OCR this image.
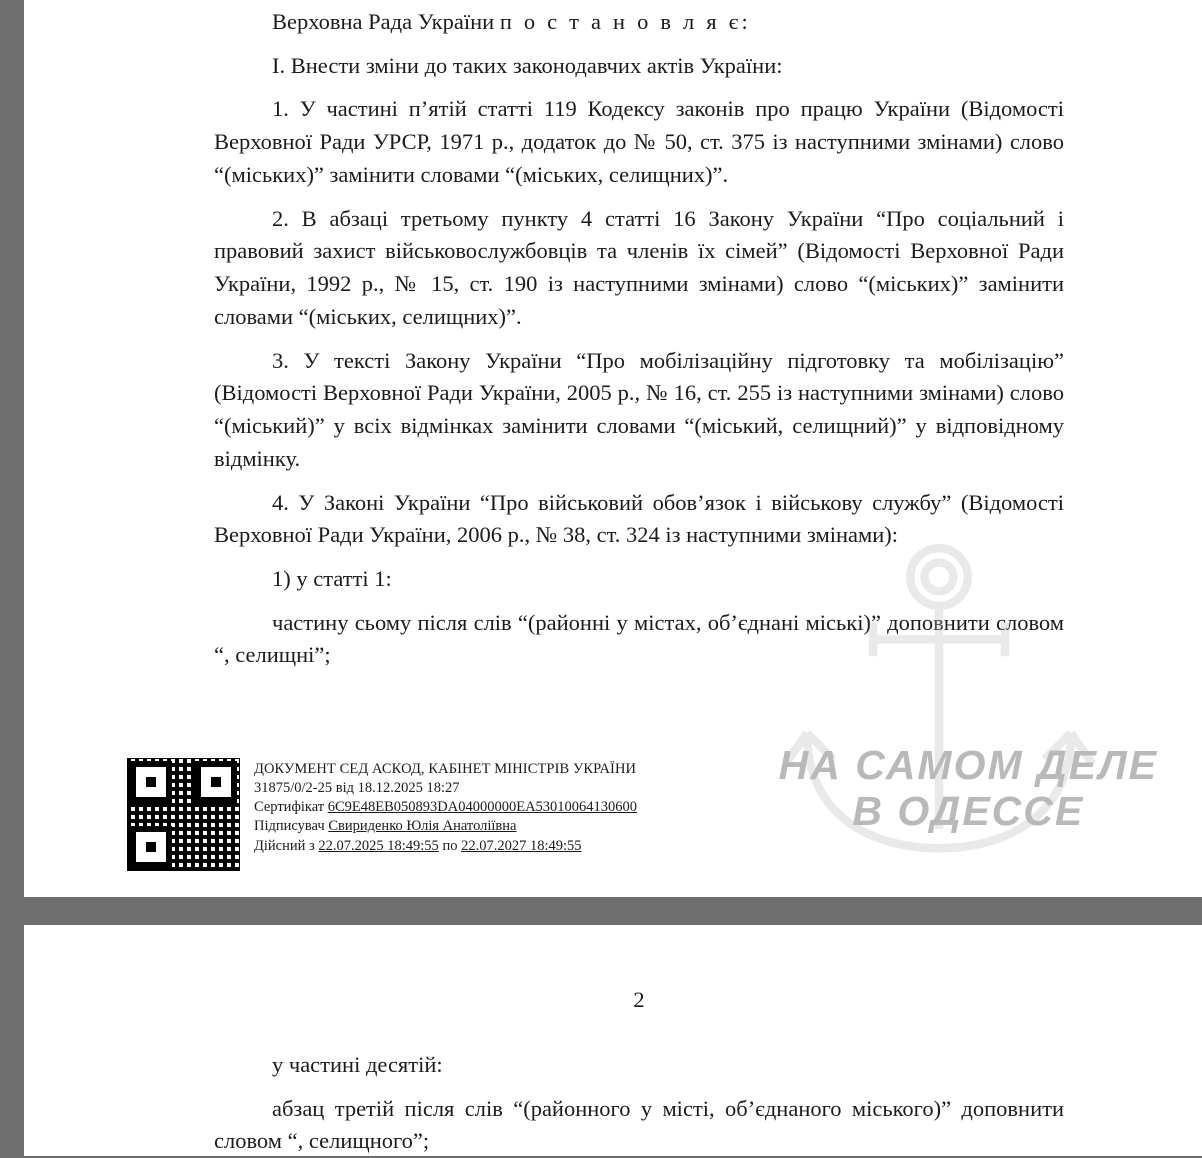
Верховна Рада України п о с т а н о в л я є:

I. Внести зміни до таких законодавчих актів України:

1. У частині п’ятій статті 119 Кодексу законів про працю України (Відомості Верховної Ради УРСР, 1971 р., додаток до № 50, ст. 375 із наступними змінами) слово “(міських)” замінити словами “(міських, селищних)”.

2. В абзаці третьому пункту 4 статті 16 Закону України “Про соціальний і правовий захист військовослужбовців та членів їх сімей” (Відомості Верховної Ради України, 1992 р., № 15, ст. 190 із наступними змінами) слово “(міських)” замінити словами “(міських, селищних)”.

3. У тексті Закону України “Про мобілізаційну підготовку та мобілізацію” (Відомості Верховної Ради України, 2005 р., № 16, ст. 255 із наступними змінами) слово “(міський)” у всіх відмінках замінити словами “(міський, селищний)” у відповідному відмінку.

4. У Законі України “Про військовий обов’язок і військову службу” (Відомості Верховної Ради України, 2006 р., № 38, ст. 324 із наступними змінами):

1) у статті 1:

частину сьому після слів “(районні у містах, об’єднані міські)” доповнити словом “, селищні”;

НА САМОМ ДЕЛЕ
В ОДЕССЕ
ДОКУМЕНТ СЕД АСКОД, КАБІНЕТ МІНІСТРІВ УКРАЇНИ
31875/0/2-25 від 18.12.2025 18:27
Сертифікат 6C9E48EB050893DA04000000EA53010064130600
Підписувач Свириденко Юлія Анатоліївна
Дійсний з 22.07.2025 18:49:55 по 22.07.2027 18:49:55
2

у частині десятій:

абзац третій після слів “(районного у місті, об’єднаного міського)” доповнити словом “, селищного”;
